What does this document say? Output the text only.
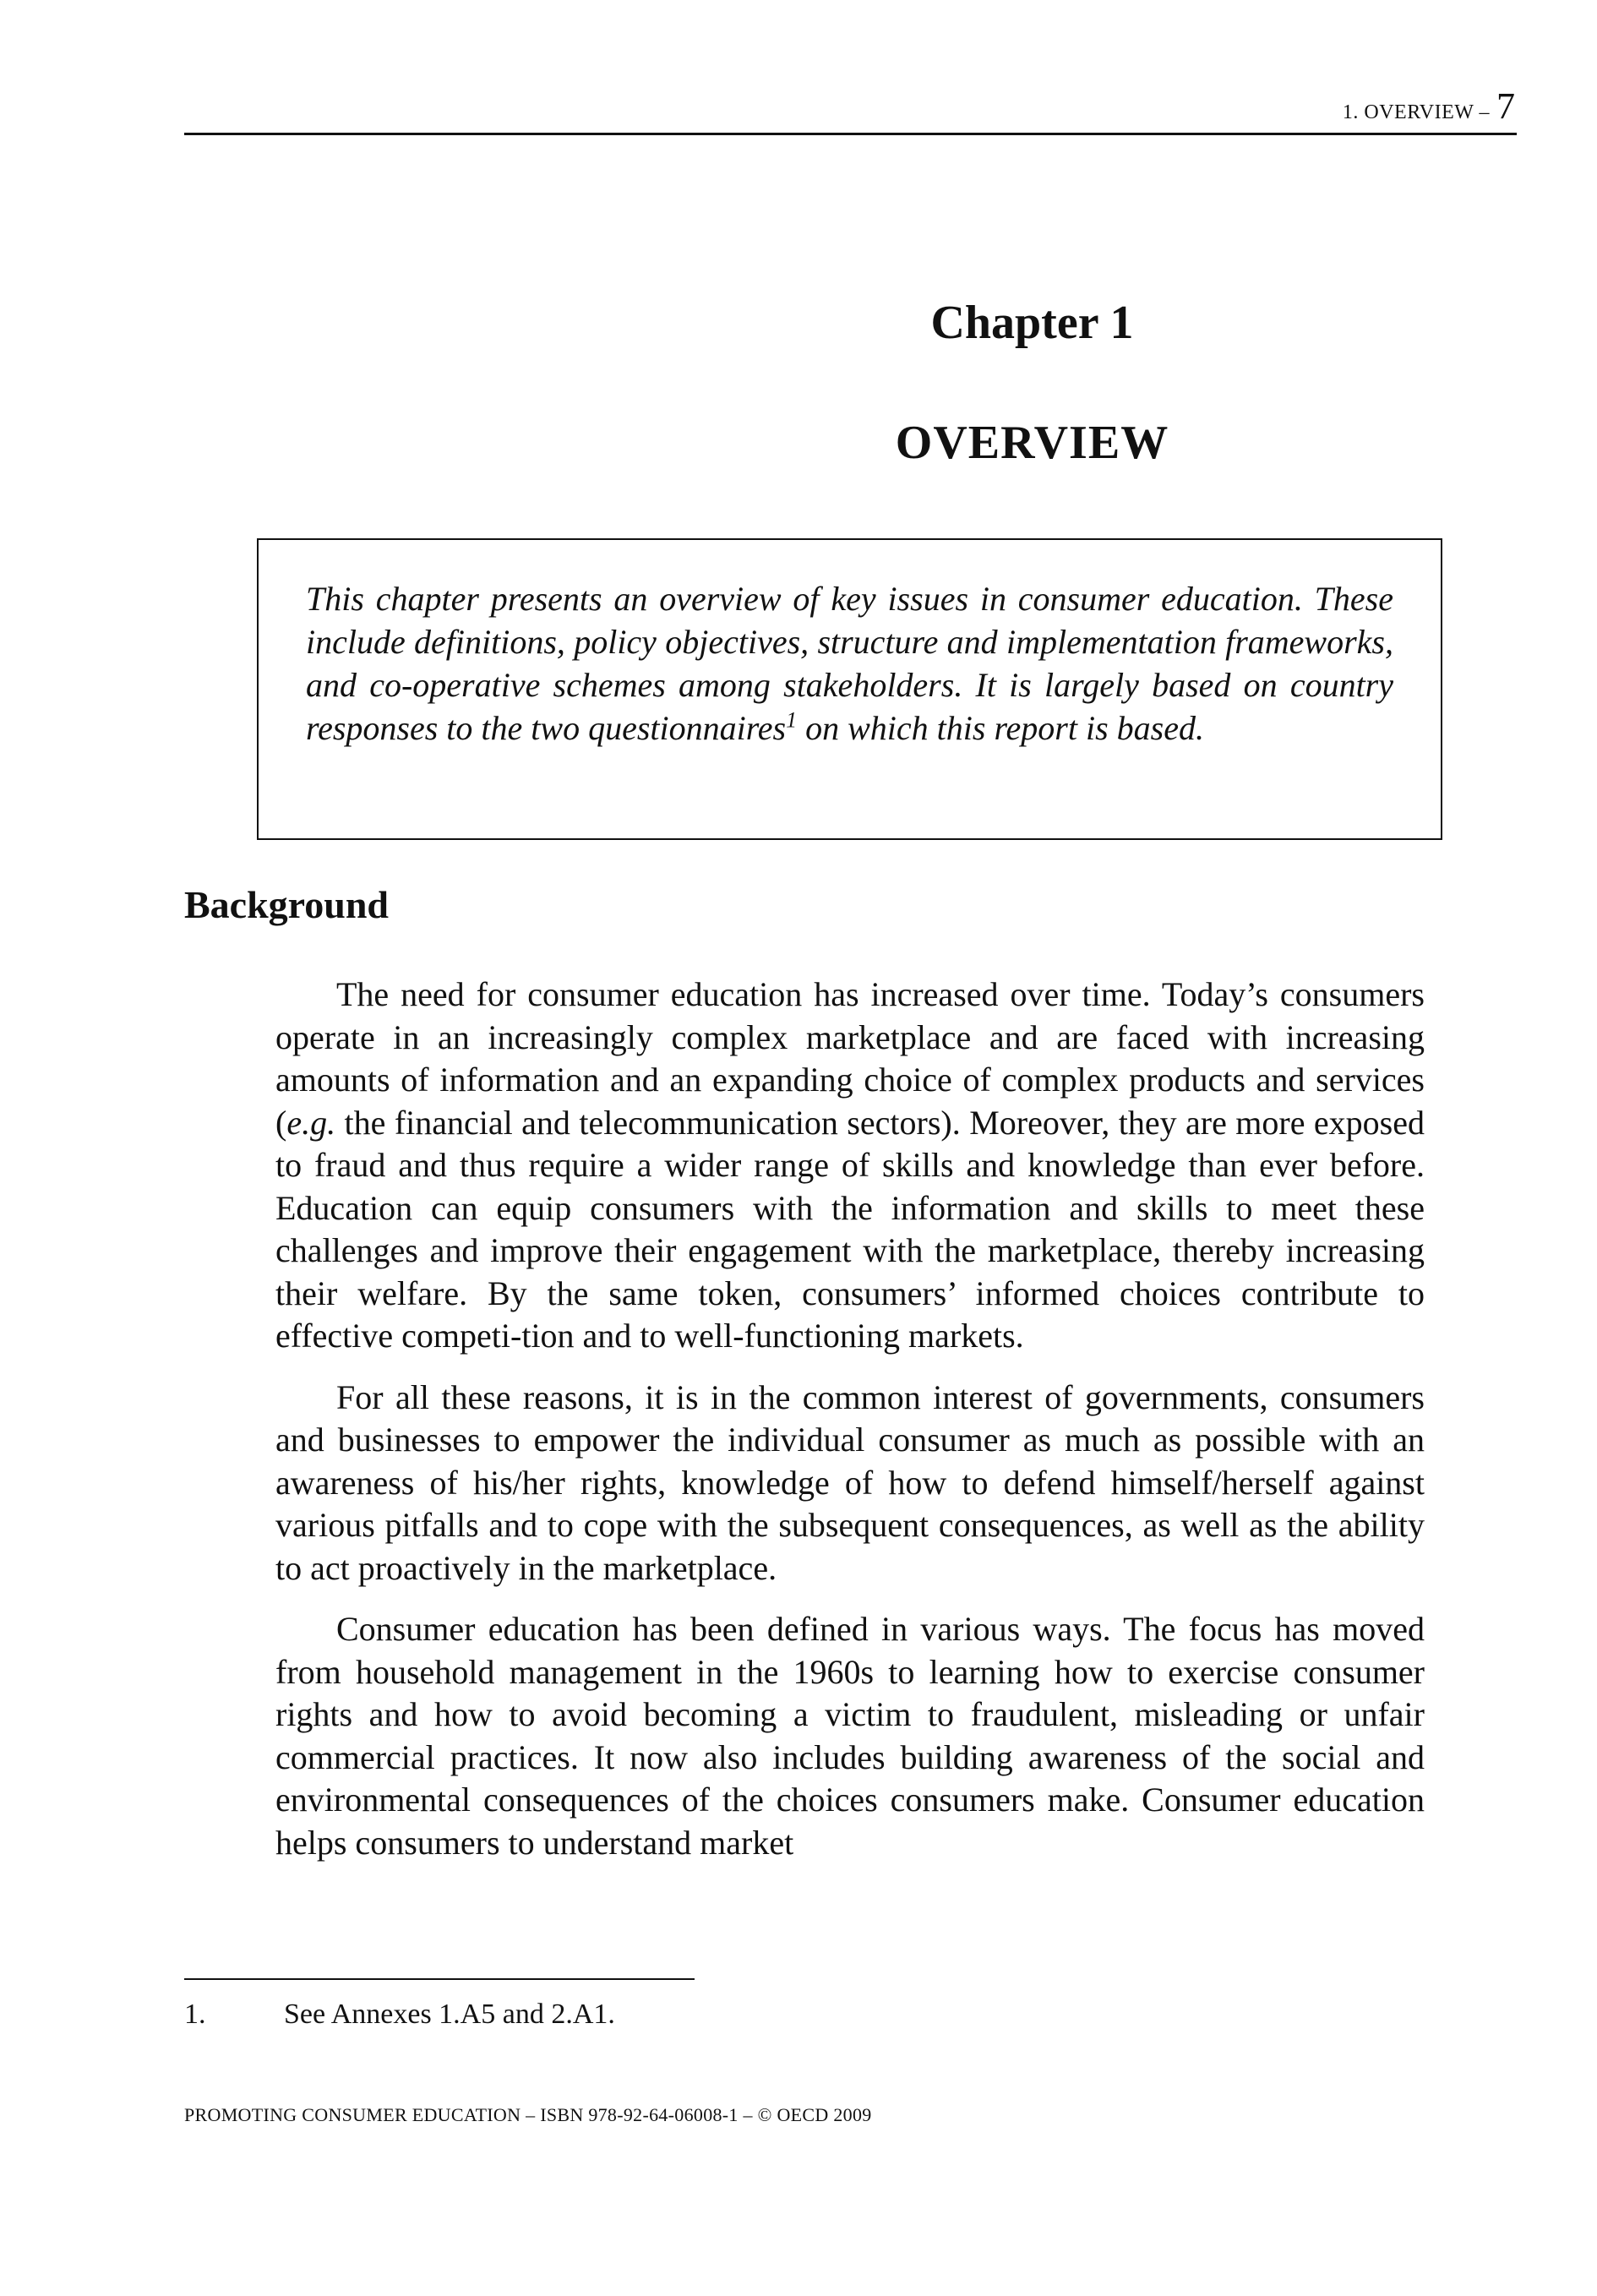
1. OVERVIEW – 7
Chapter 1
OVERVIEW

This chapter presents an overview of key issues in consumer education. These include definitions, policy objectives, structure and implementation frameworks, and co-operative schemes among stakeholders. It is largely based on country responses to the two questionnaires$^1$ on which this report is based.

Background

The need for consumer education has increased over time. Today’s consumers operate in an increasingly complex marketplace and are faced with increasing amounts of information and an expanding choice of complex products and services (e.g. the financial and telecommunication sectors). Moreover, they are more exposed to fraud and thus require a wider range of skills and knowledge than ever before. Education can equip consumers with the information and skills to meet these challenges and improve their engagement with the marketplace, thereby increasing their welfare. By the same token, consumers’ informed choices contribute to effective competi-tion and to well-functioning markets.

For all these reasons, it is in the common interest of governments, consumers and businesses to empower the individual consumer as much as possible with an awareness of his/her rights, knowledge of how to defend himself/herself against various pitfalls and to cope with the subsequent consequences, as well as the ability to act proactively in the marketplace.

Consumer education has been defined in various ways. The focus has moved from household management in the 1960s to learning how to exercise consumer rights and how to avoid becoming a victim to fraudulent, misleading or unfair commercial practices. It now also includes building awareness of the social and environmental consequences of the choices consumers make. Consumer education helps consumers to understand market

1.	See Annexes 1.A5 and 2.A1.
PROMOTING CONSUMER EDUCATION – ISBN 978-92-64-06008-1 – © OECD 2009
